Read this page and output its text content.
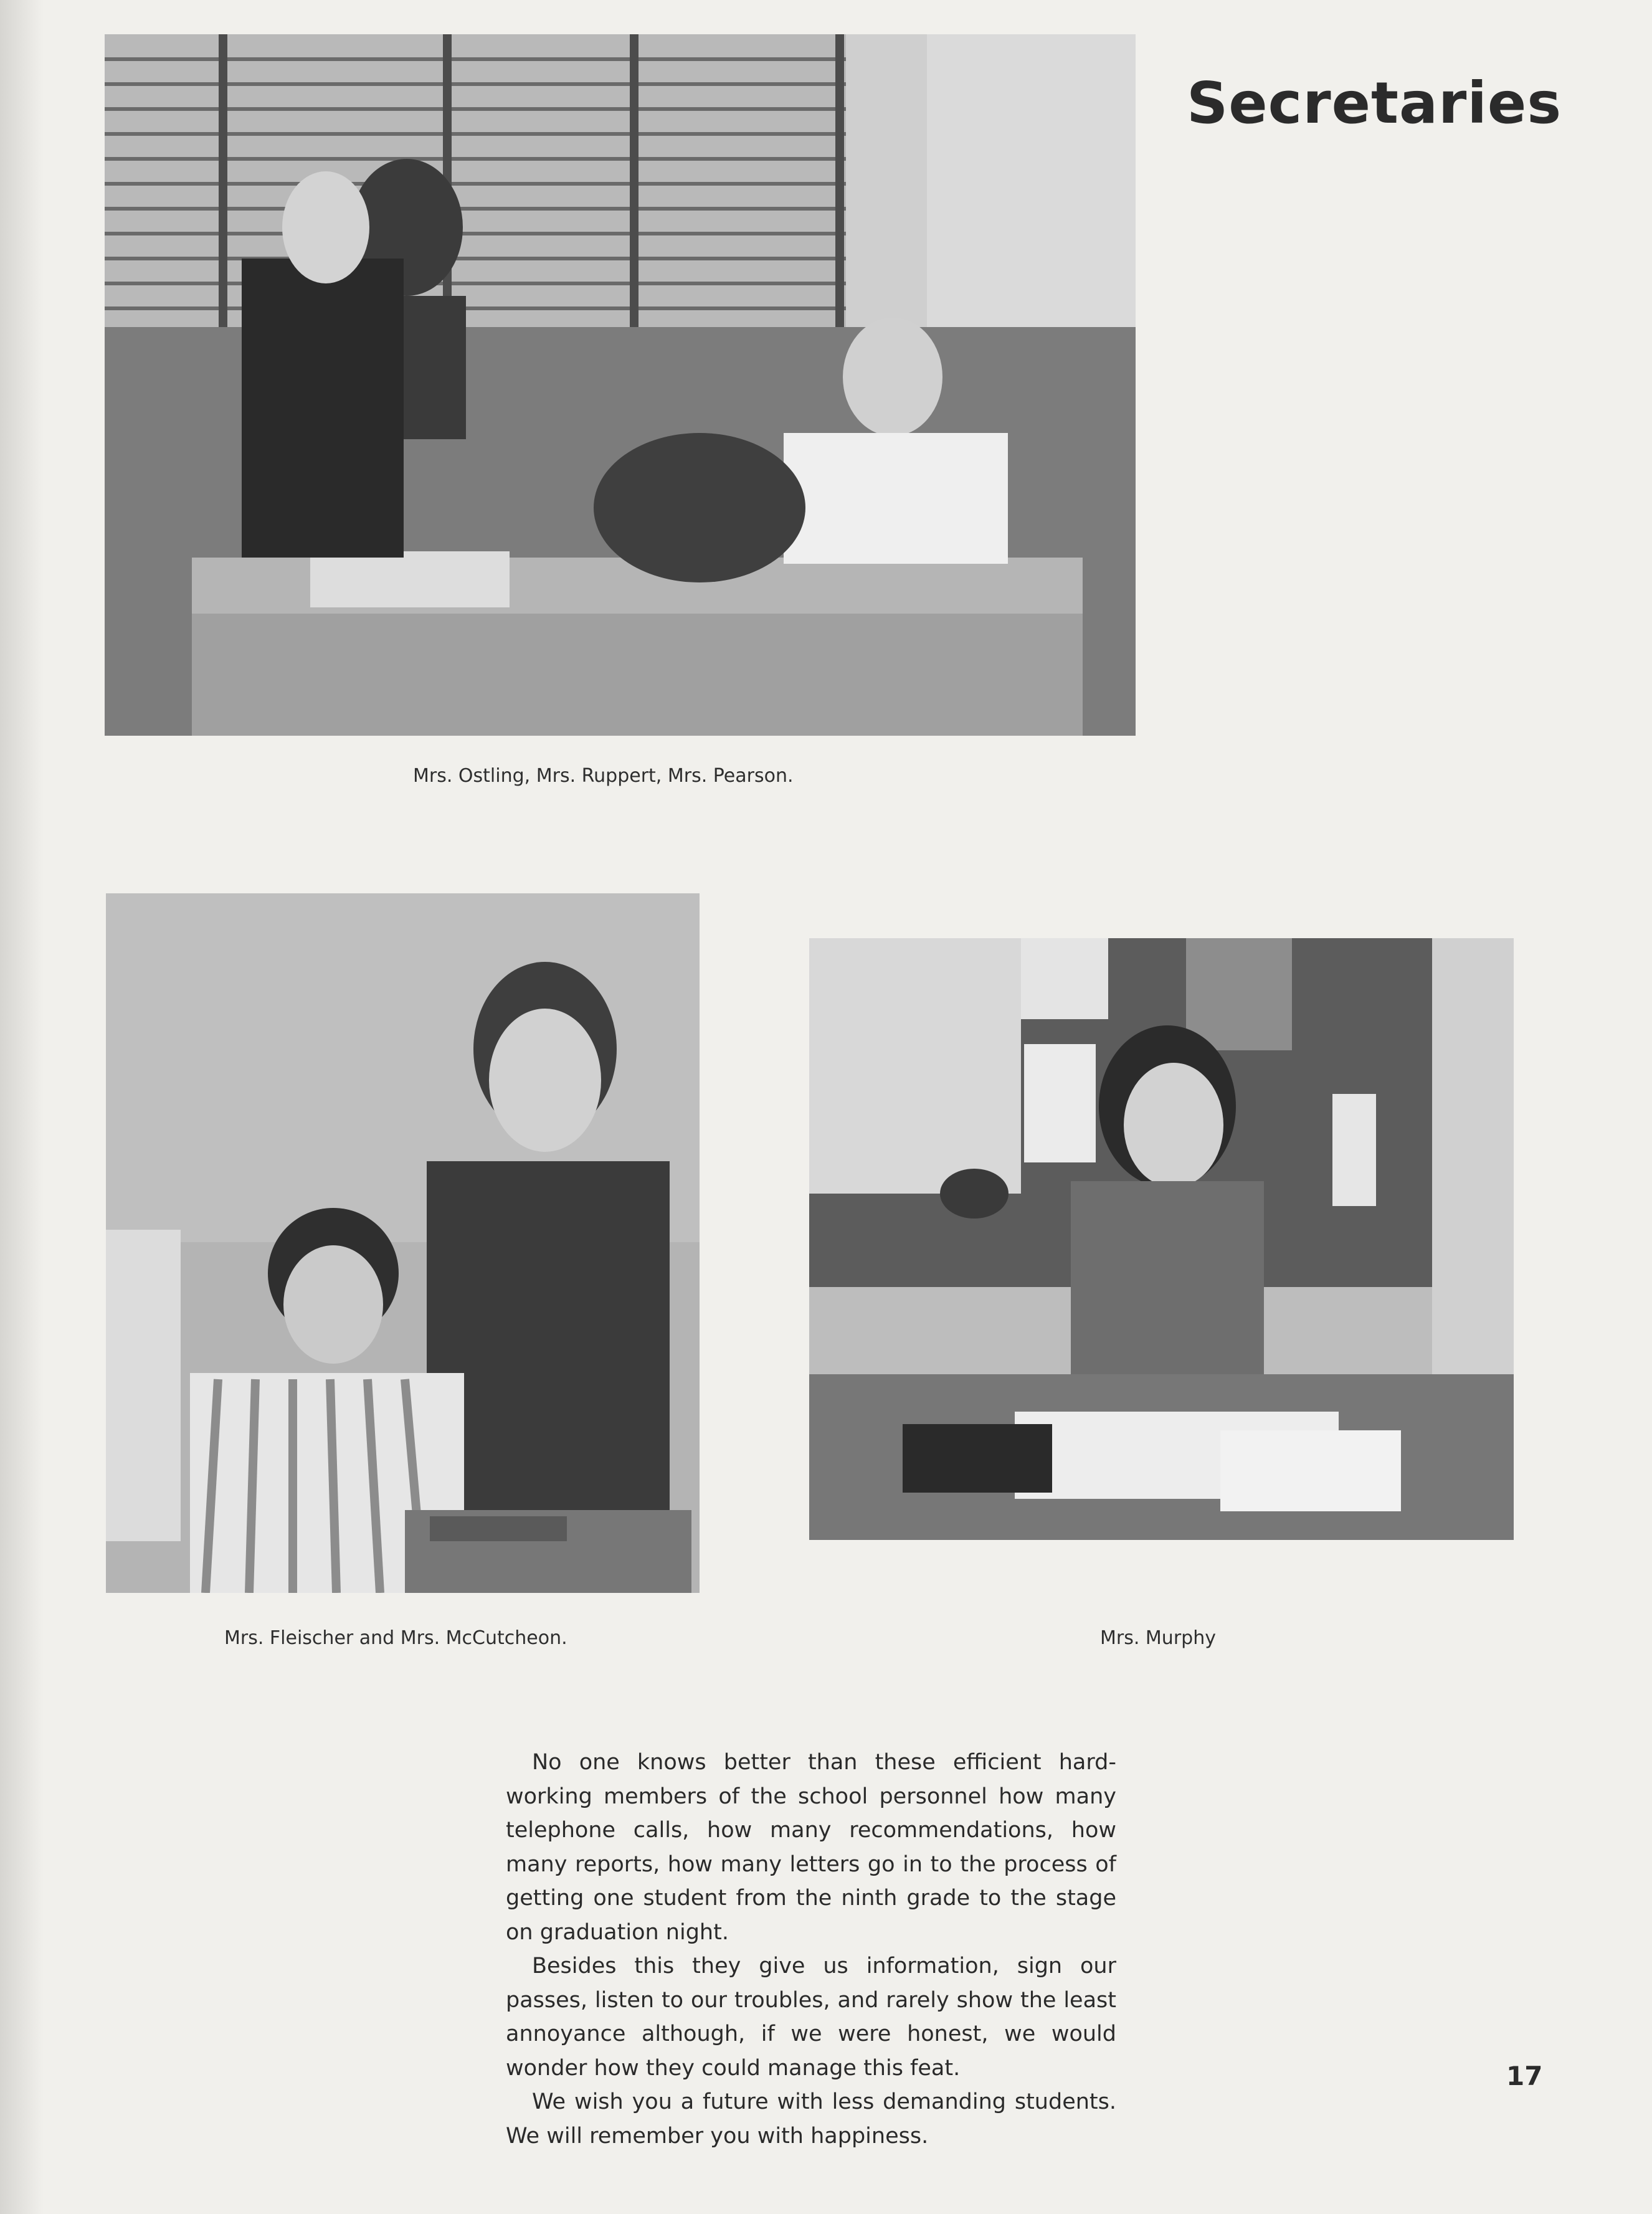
Secretaries
Mrs. Ostling, Mrs. Ruppert, Mrs. Pearson.
Mrs. Fleischer and Mrs. McCutcheon.	Mrs. Murphy

No one knows better than these efficient hard-working members of the school personnel how many telephone calls, how many recommendations, how many reports, how many letters go in to the process of getting one student from the ninth grade to the stage on graduation night.

Besides this they give us information, sign our passes, listen to our troubles, and rarely show the least annoyance although, if we were honest, we would wonder how they could manage this feat.

We wish you a future with less demanding students. We will remember you with happiness.

17
